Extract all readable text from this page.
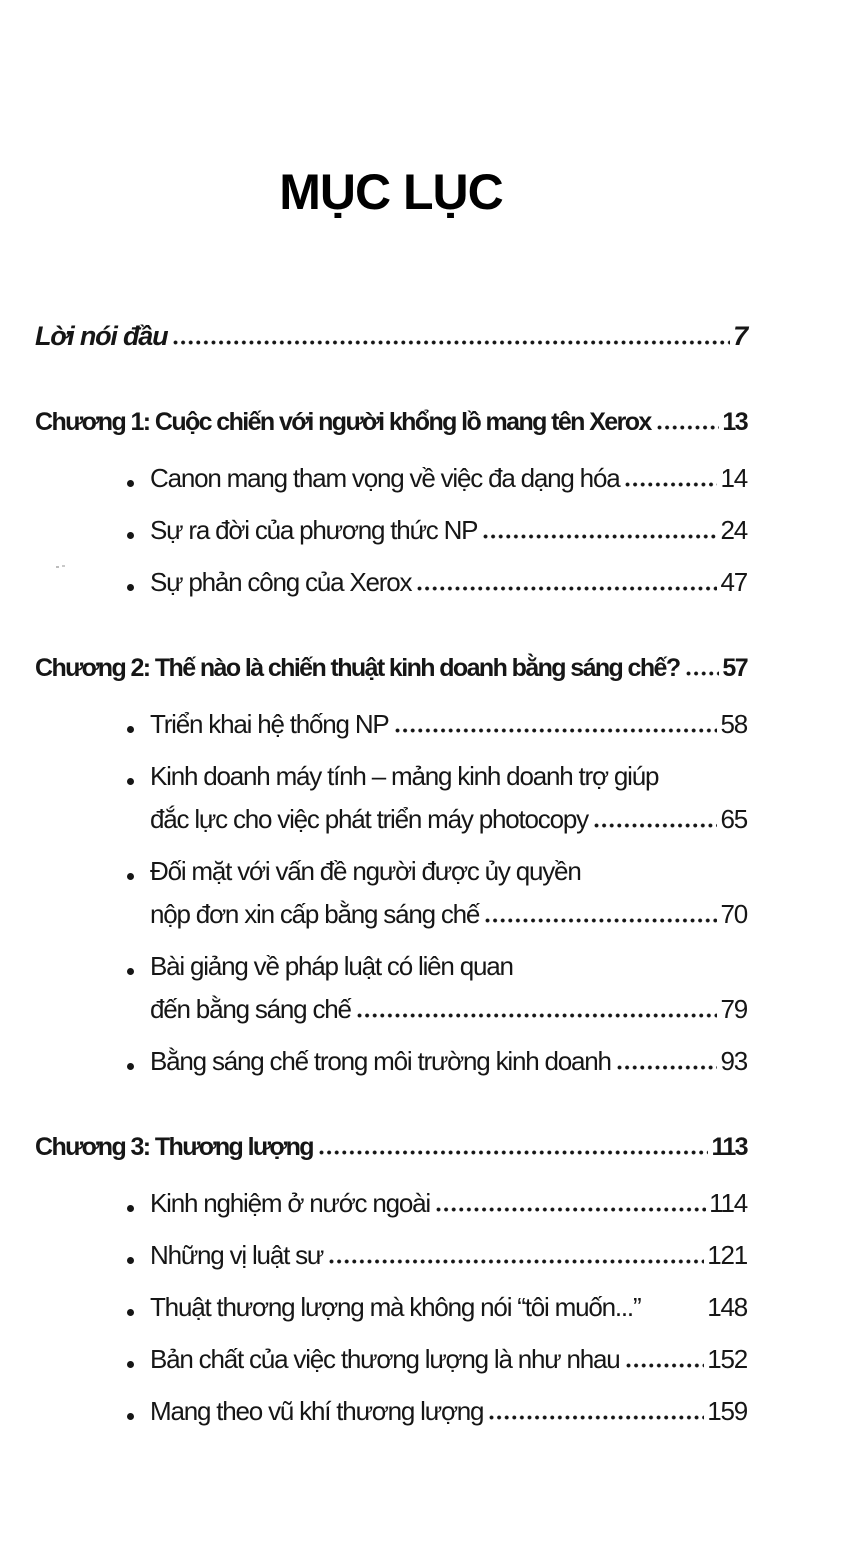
MỤC LỤC
Lời nói đầu	7
Chương 1: Cuộc chiến với người khổng lồ mang tên Xerox	13
Canon mang tham vọng về việc đa dạng hóa	14
Sự ra đời của phương thức NP	24
Sự phản công của Xerox	47
Chương 2: Thế nào là chiến thuật kinh doanh bằng sáng chế? 57
Triển khai hệ thống NP	58
Kinh doanh máy tính – mảng kinh doanh trợ giúp
đắc lực cho việc phát triển máy photocopy	65
Đối mặt với vấn đề người được ủy quyền
nộp đơn xin cấp bằng sáng chế	70
Bài giảng về pháp luật có liên quan
đến bằng sáng chế	79
Bằng sáng chế trong môi trường kinh doanh	93
Chương 3: Thương lượng	113
Kinh nghiệm ở nước ngoài	114
Những vị luật sư	121
Thuật thương lượng mà không nói “tôi muốn...”	148
Bản chất của việc thương lượng là như nhau	152
Mang theo vũ khí thương lượng	159
